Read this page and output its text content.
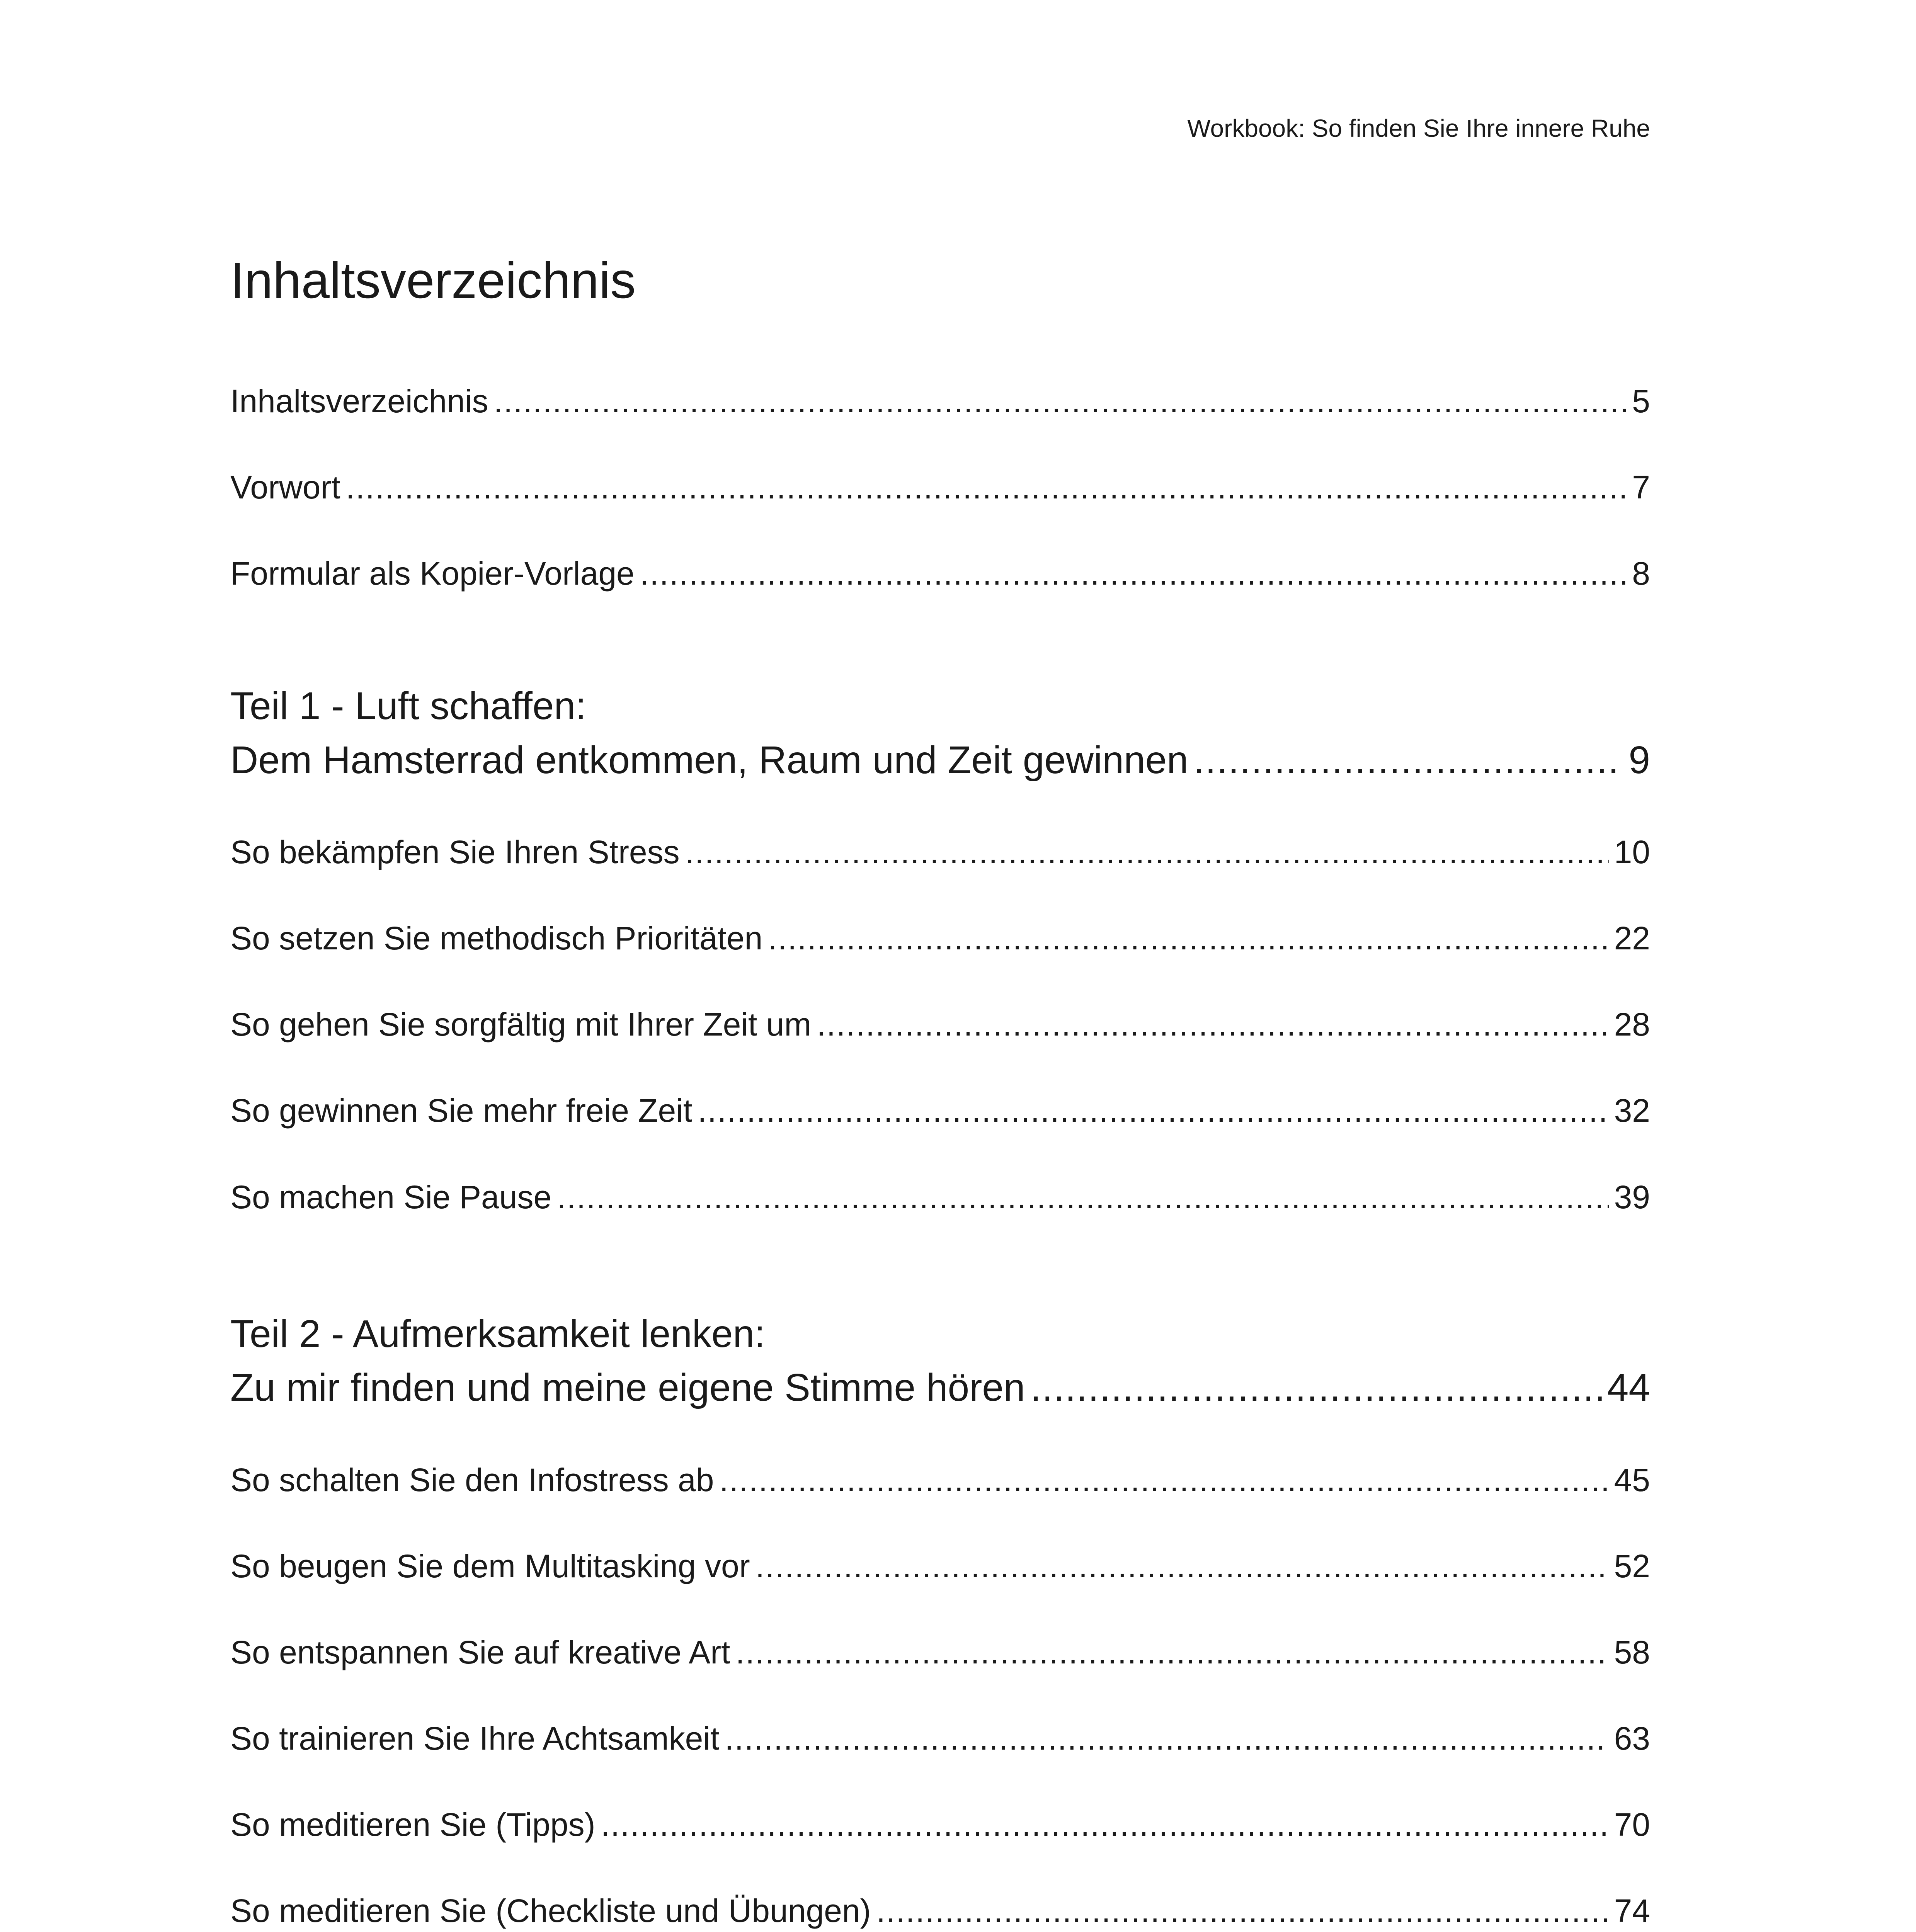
Workbook: So finden Sie Ihre innere Ruhe
Inhaltsverzeichnis
Inhaltsverzeichnis .....	5
Vorwort .....	7
Formular als Kopier-Vorlage .....	8
Teil 1 - Luft schaffen:
Dem Hamsterrad entkommen, Raum und Zeit gewinnen .....	9
So bekämpfen Sie Ihren Stress .....	10
So setzen Sie methodisch Prioritäten .....	22
So gehen Sie sorgfältig mit Ihrer Zeit um .....	28
So gewinnen Sie mehr freie Zeit .....	32
So machen Sie Pause .....	39
Teil 2 - Aufmerksamkeit lenken:
Zu mir finden und meine eigene Stimme hören .....	44
So schalten Sie den Infostress ab .....	45
So beugen Sie dem Multitasking vor .....	52
So entspannen Sie auf kreative Art .....	58
So trainieren Sie Ihre Achtsamkeit .....	63
So meditieren Sie (Tipps) .....	70
So meditieren Sie (Checkliste und Übungen) .....	74
